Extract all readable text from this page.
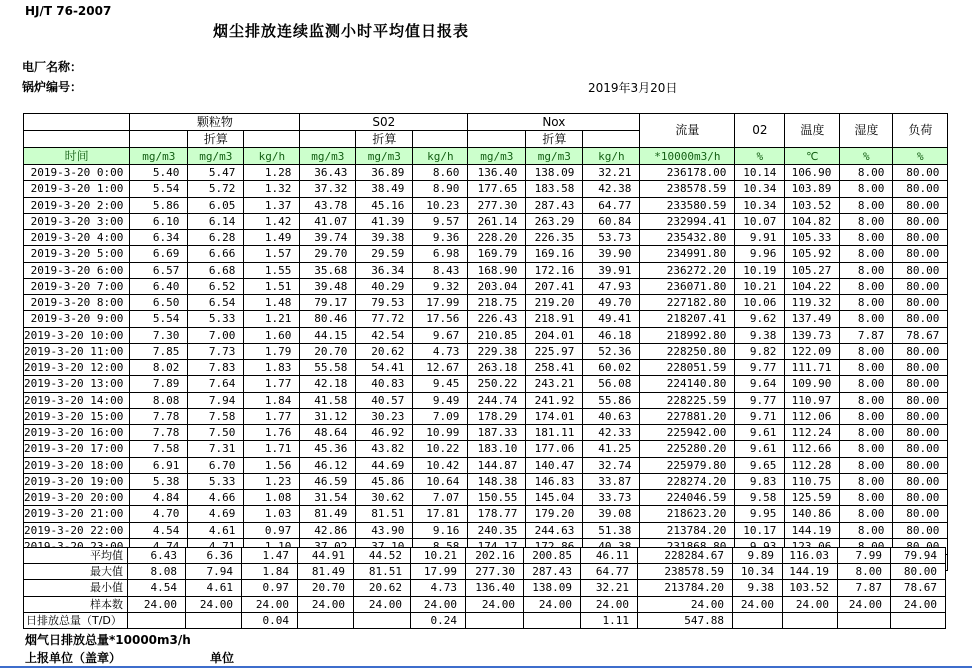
HJ/T 76-2007
烟尘排放连续监测小时平均值日报表
电厂名称：
锅炉编号：	2019年3月20日
	颗粒物			S02			Nox			流量	02	温度	湿度	负荷
		折算			折算			折算						
时间	mg/m3	mg/m3	kg/h	mg/m3	mg/m3	kg/h	mg/m3	mg/m3	kg/h	*10000m3/h	%	℃	%	%
2019-3-20 0:00	5.40	5.47	1.28	36.43	36.89	8.60	136.40	138.09	32.21	236178.00	10.14	106.90	8.00	80.00
2019-3-20 1:00	5.54	5.72	1.32	37.32	38.49	8.90	177.65	183.58	42.38	238578.59	10.34	103.89	8.00	80.00
2019-3-20 2:00	5.86	6.05	1.37	43.78	45.16	10.23	277.30	287.43	64.77	233580.59	10.34	103.52	8.00	80.00
2019-3-20 3:00	6.10	6.14	1.42	41.07	41.39	9.57	261.14	263.29	60.84	232994.41	10.07	104.82	8.00	80.00
2019-3-20 4:00	6.34	6.28	1.49	39.74	39.38	9.36	228.20	226.35	53.73	235432.80	9.91	105.33	8.00	80.00
2019-3-20 5:00	6.69	6.66	1.57	29.70	29.59	6.98	169.79	169.16	39.90	234991.80	9.96	105.92	8.00	80.00
2019-3-20 6:00	6.57	6.68	1.55	35.68	36.34	8.43	168.90	172.16	39.91	236272.20	10.19	105.27	8.00	80.00
2019-3-20 7:00	6.40	6.52	1.51	39.48	40.29	9.32	203.04	207.41	47.93	236071.80	10.21	104.22	8.00	80.00
2019-3-20 8:00	6.50	6.54	1.48	79.17	79.53	17.99	218.75	219.20	49.70	227182.80	10.06	119.32	8.00	80.00
2019-3-20 9:00	5.54	5.33	1.21	80.46	77.72	17.56	226.43	218.91	49.41	218207.41	9.62	137.49	8.00	80.00
2019-3-20 10:00	7.30	7.00	1.60	44.15	42.54	9.67	210.85	204.01	46.18	218992.80	9.38	139.73	7.87	78.67
2019-3-20 11:00	7.85	7.73	1.79	20.70	20.62	4.73	229.38	225.97	52.36	228250.80	9.82	122.09	8.00	80.00
2019-3-20 12:00	8.02	7.83	1.83	55.58	54.41	12.67	263.18	258.41	60.02	228051.59	9.77	111.71	8.00	80.00
2019-3-20 13:00	7.89	7.64	1.77	42.18	40.83	9.45	250.22	243.21	56.08	224140.80	9.64	109.90	8.00	80.00
2019-3-20 14:00	8.08	7.94	1.84	41.58	40.57	9.49	244.74	241.92	55.86	228225.59	9.77	110.97	8.00	80.00
2019-3-20 15:00	7.78	7.58	1.77	31.12	30.23	7.09	178.29	174.01	40.63	227881.20	9.71	112.06	8.00	80.00
2019-3-20 16:00	7.78	7.50	1.76	48.64	46.92	10.99	187.33	181.11	42.33	225942.00	9.61	112.24	8.00	80.00
2019-3-20 17:00	7.58	7.31	1.71	45.36	43.82	10.22	183.10	177.06	41.25	225280.20	9.61	112.66	8.00	80.00
2019-3-20 18:00	6.91	6.70	1.56	46.12	44.69	10.42	144.87	140.47	32.74	225979.80	9.65	112.28	8.00	80.00
2019-3-20 19:00	5.38	5.33	1.23	46.59	45.86	10.64	148.38	146.83	33.87	228274.20	9.83	110.75	8.00	80.00
2019-3-20 20:00	4.84	4.66	1.08	31.54	30.62	7.07	150.55	145.04	33.73	224046.59	9.58	125.59	8.00	80.00
2019-3-20 21:00	4.70	4.69	1.03	81.49	81.51	17.81	178.77	179.20	39.08	218623.20	9.95	140.86	8.00	80.00
2019-3-20 22:00	4.54	4.61	0.97	42.86	43.90	9.16	240.35	244.63	51.38	213784.20	10.17	144.19	8.00	80.00

平均值	6.43	6.36	1.47	44.91	44.52	10.21	202.16	200.85	46.11	228284.67	9.89	116.03	7.99	79.94
最大值	8.08	7.94	1.84	81.49	81.51	17.99	277.30	287.43	64.77	238578.59	10.34	144.19	8.00	80.00
最小值	4.54	4.61	0.97	20.70	20.62	4.73	136.40	138.09	32.21	213784.20	9.38	103.52	7.87	78.67
样本数	24.00	24.00	24.00	24.00	24.00	24.00	24.00	24.00	24.00	24.00	24.00	24.00	24.00	24.00
日排放总量（T/D）			0.04			0.24			1.11	547.88				
烟气日排放总量*10000m3/h
上报单位（盖章）	单位
